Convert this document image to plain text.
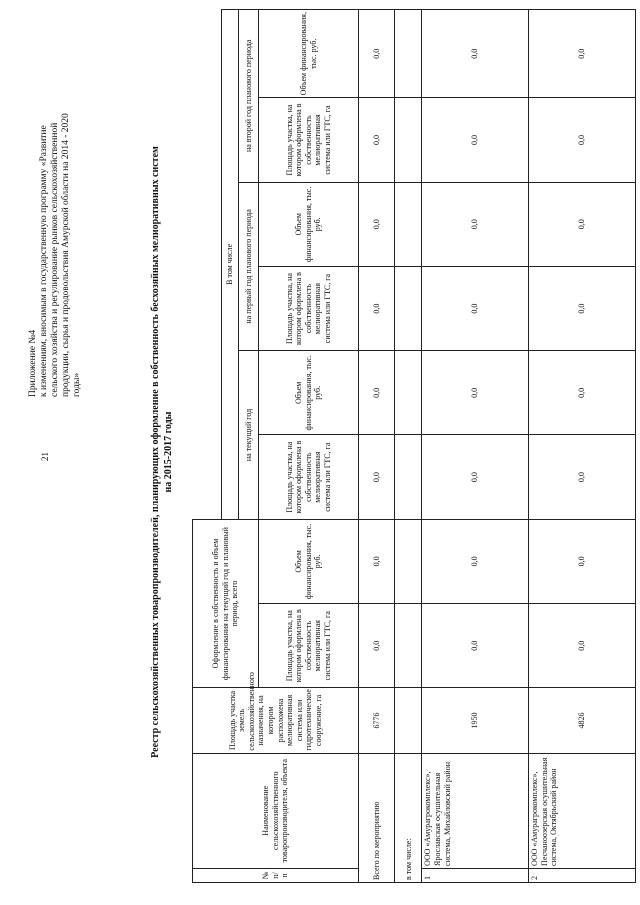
21
Приложение №4 к изменениям, вносимым в государственную программу «Развитие сельского хозяйства и регулирование рынков сельскохозяйственной продукции, сырья и продовольствия Амурской области на 2014 - 2020 годы»	Реестр сельскохозяйственных товаропроизводителей, планирующих оформление в собственность бесхозяйных мелиоративных систем на 2015-2017 годы
№ п/п	Наименование сельскохозяйственного товаропроизводителя, объекта	Площадь участка земель сельскохозяйственного назначения, на котором расположена мелиоративная система или гидротехническое сооружение, га	Оформление в собственность и объем финансирования на текущий год и плановый период, всего							
					В том числе					
					на текущий год		на первый год планового периода		на второй год планового периода	
			Площадь участка, на котором оформлена в собственность мелиоративная система или ГТС, га	Объем финансирования, тыс. руб.	Площадь участка, на котором оформлена в собственность мелиоративная система или ГТС, га	Объем финансирования, тыс. руб.	Площадь участка, на котором оформлена в собственность мелиоративная система или ГТС, га	Объем финансирования, тыс. руб.	Площадь участка, на котором оформлена в собственность мелиоративная система или ГТС, га	Объем финансирования, тыс. руб.
Всего по мероприятию		6776	0,0	0,0	0,0	0,0	0,0	0,0	0,0	0,0
в том числе:										
1	ООО «Амурагрокомплекс», Ярославская осушительная система, Михайловский район	1950	0,0	0,0	0,0	0,0	0,0	0,0	0,0	0,0
2	ООО «Амурагрокомплекс», Песчаноозерская осушительная система, Октябрьский район	4826	0,0	0,0	0,0	0,0	0,0	0,0	0,0	0,0
